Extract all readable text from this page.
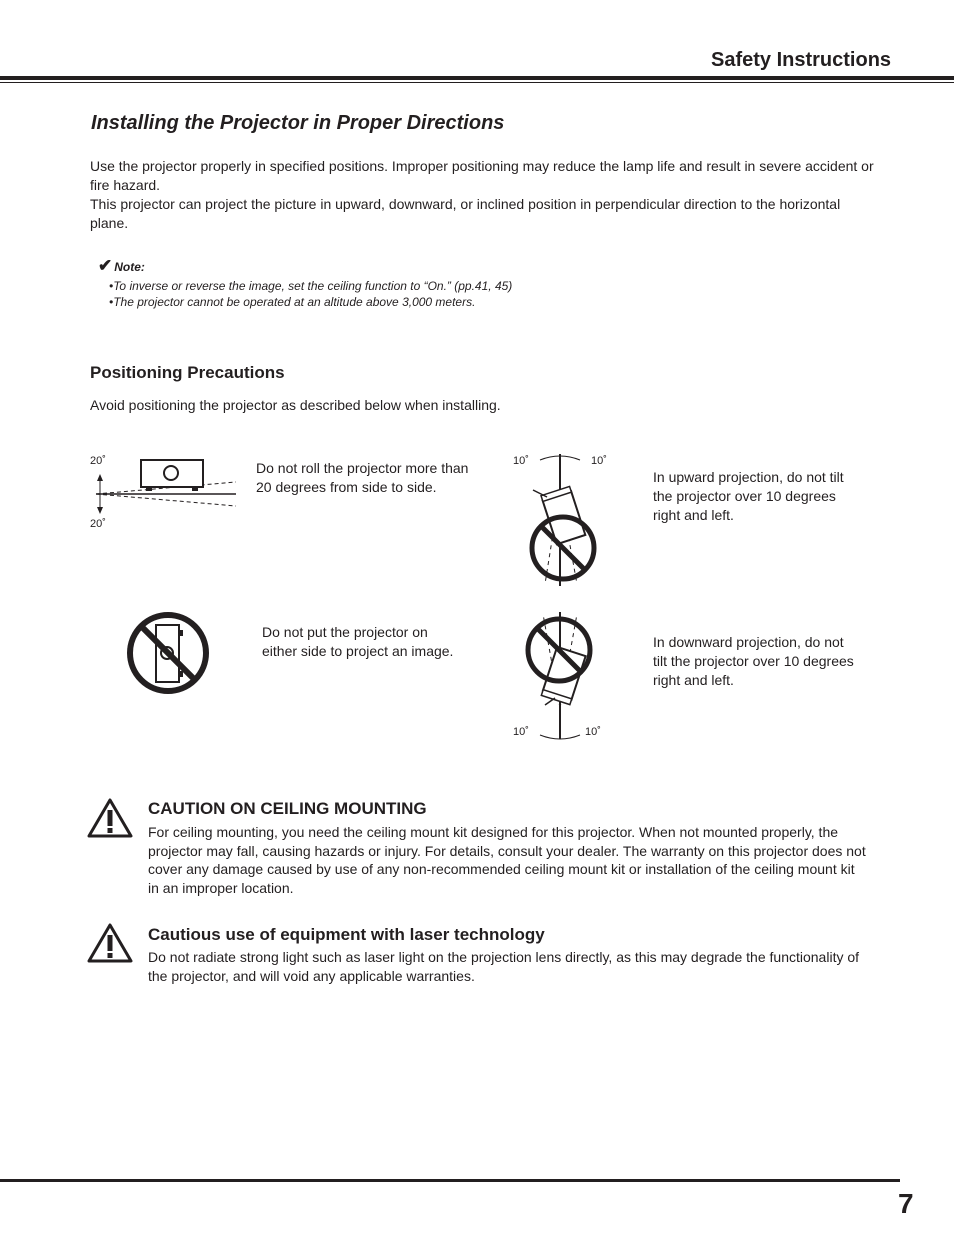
Safety Instructions
Installing the Projector in Proper Directions
Use the projector properly in specified positions. Improper positioning may reduce the lamp life and result in severe accident or fire hazard.
This projector can project the picture in upward, downward, or inclined position in perpendicular direction to the horizontal plane.
✔ Note:
•To inverse or reverse the image, set the ceiling function to “On.” (pp.41, 45)
•The projector cannot be operated at an altitude above 3,000 meters.
Positioning Precautions
Avoid positioning the projector as described below when installing.
20˚
20˚
Do not roll the projector more than 20 degrees from side to side.
10˚	10˚
In upward projection, do not tilt the projector over 10 degrees right and left.
Do not put the projector on either side to project an image.
10˚	10˚
In downward projection, do not tilt the projector over 10 degrees right and left.
CAUTION ON CEILING MOUNTING
For ceiling mounting, you need the ceiling mount kit designed for this projector. When not mounted properly, the projector may fall, causing hazards or injury. For details, consult your dealer. The warranty on this projector does not cover any damage caused by use of any non-recommended ceiling mount kit or installation of the ceiling mount kit in an improper location.
Cautious use of equipment with laser technology
Do not radiate strong light such as laser light on the projection lens directly, as this may degrade the functionality of the projector, and will void any applicable warranties.
7
